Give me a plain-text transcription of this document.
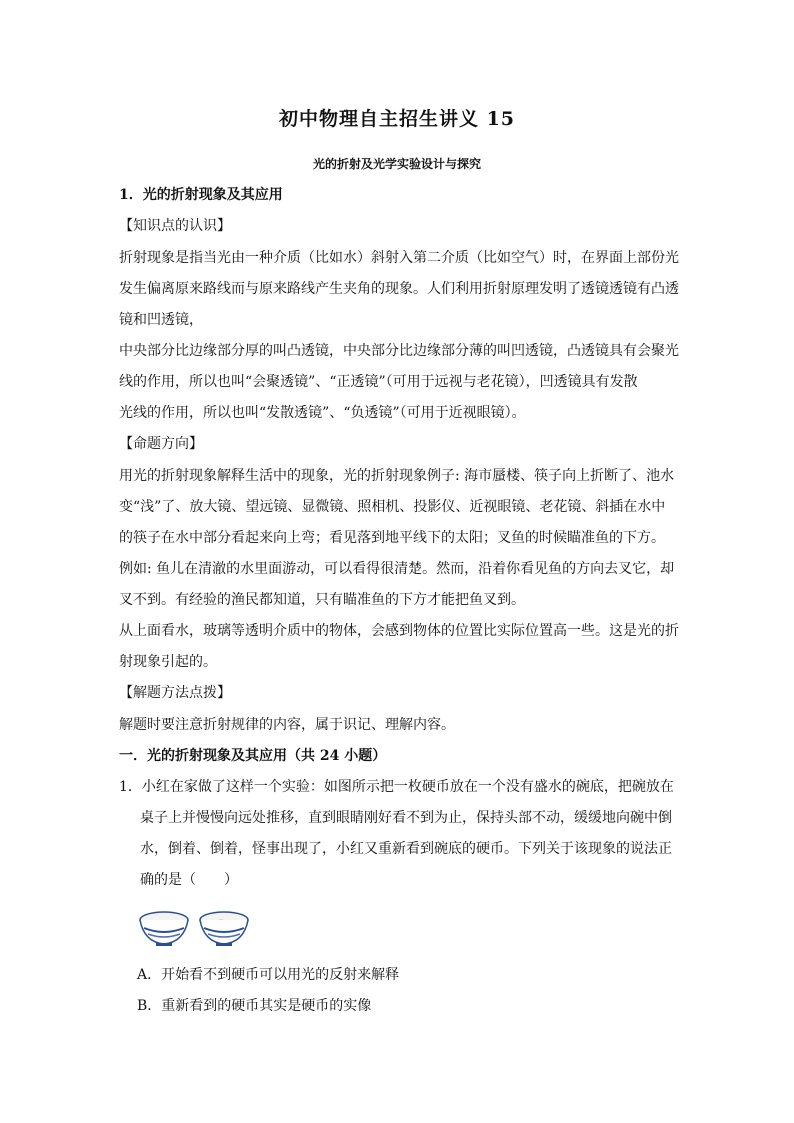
初中物理自主招生讲义 15
光的折射及光学实验设计与探究
1．光的折射现象及其应用
【知识点的认识】
折射现象是指当光由一种介质（比如水）斜射入第二介质（比如空气）时，在界面上部份光
发生偏离原来路线而与原来路线产生夹角的现象。人们利用折射原理发明了透镜透镜有凸透
镜和凹透镜，
中央部分比边缘部分厚的叫凸透镜，中央部分比边缘部分薄的叫凹透镜，凸透镜具有会聚光
线的作用，所以也叫“会聚透镜”、“正透镜”（可用于远视与老花镜），凹透镜具有发散
光线的作用，所以也叫“发散透镜”、“负透镜”（可用于近视眼镜）。
【命题方向】
用光的折射现象解释生活中的现象，光的折射现象例子: 海市蜃楼、筷子向上折断了、池水
变“浅”了、放大镜、望远镜、显微镜、照相机、投影仪、近视眼镜、老花镜、斜插在水中
的筷子在水中部分看起来向上弯；看见落到地平线下的太阳；叉鱼的时候瞄准鱼的下方。
例如: 鱼儿在清澈的水里面游动，可以看得很清楚。然而，沿着你看见鱼的方向去叉它，却
叉不到。有经验的渔民都知道，只有瞄准鱼的下方才能把鱼叉到。
从上面看水，玻璃等透明介质中的物体，会感到物体的位置比实际位置高一些。这是光的折
射现象引起的。
【解题方法点拨】
解题时要注意折射规律的内容，属于识记、理解内容。
一．光的折射现象及其应用（共 24 小题）
1．小红在家做了这样一个实验：如图所示把一枚硬币放在一个没有盛水的碗底，把碗放在
桌子上并慢慢向远处推移，直到眼睛刚好看不到为止，保持头部不动，缓缓地向碗中倒
水，倒着、倒着，怪事出现了，小红又重新看到碗底的硬币。下列关于该现象的说法正
确的是（　　）
A．开始看不到硬币可以用光的反射来解释
B．重新看到的硬币其实是硬币的实像
